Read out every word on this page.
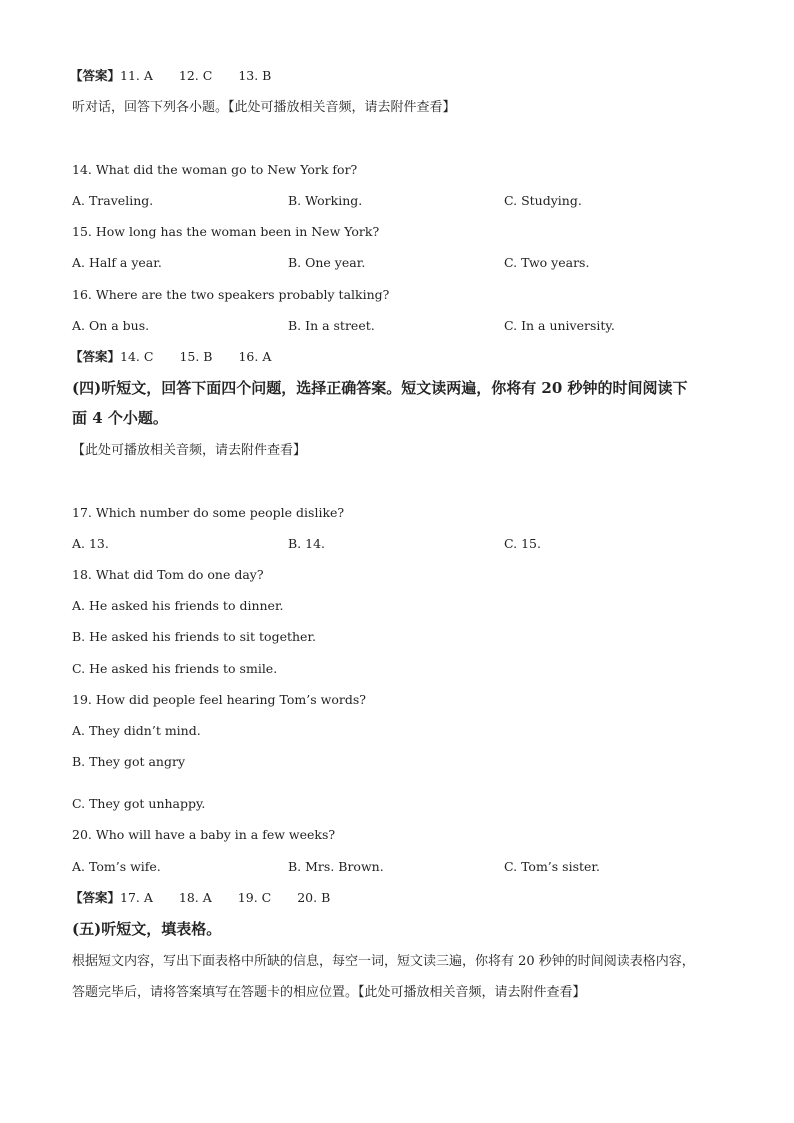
【答案】11. A 12. C 13. B
听对话，回答下列各小题。【此处可播放相关音频，请去附件查看】
14. What did the woman go to New York for?
A. Traveling.	B. Working.	C. Studying.
15. How long has the woman been in New York?
A. Half a year.	B. One year.	C. Two years.
16. Where are the two speakers probably talking?
A. On a bus.	B. In a street.	C. In a university.
【答案】14. C 15. B 16. A
(四)听短文，回答下面四个问题，选择正确答案。短文读两遍，你将有 20 秒钟的时间阅读下
面 4 个小题。
【此处可播放相关音频，请去附件查看】
17. Which number do some people dislike?
A. 13.	B. 14.	C. 15.
18. What did Tom do one day?
A. He asked his friends to dinner.
B. He asked his friends to sit together.
C. He asked his friends to smile.
19. How did people feel hearing Tom’s words?
A. They didn’t mind.
B. They got angry
C. They got unhappy.
20. Who will have a baby in a few weeks?
A. Tom’s wife.	B. Mrs. Brown.	C. Tom’s sister.
【答案】17. A 18. A 19. C 20. B
(五)听短文，填表格。
根据短文内容，写出下面表格中所缺的信息，每空一词，短文读三遍，你将有 20 秒钟的时间阅读表格内容，
答题完毕后，请将答案填写在答题卡的相应位置。【此处可播放相关音频，请去附件查看】
